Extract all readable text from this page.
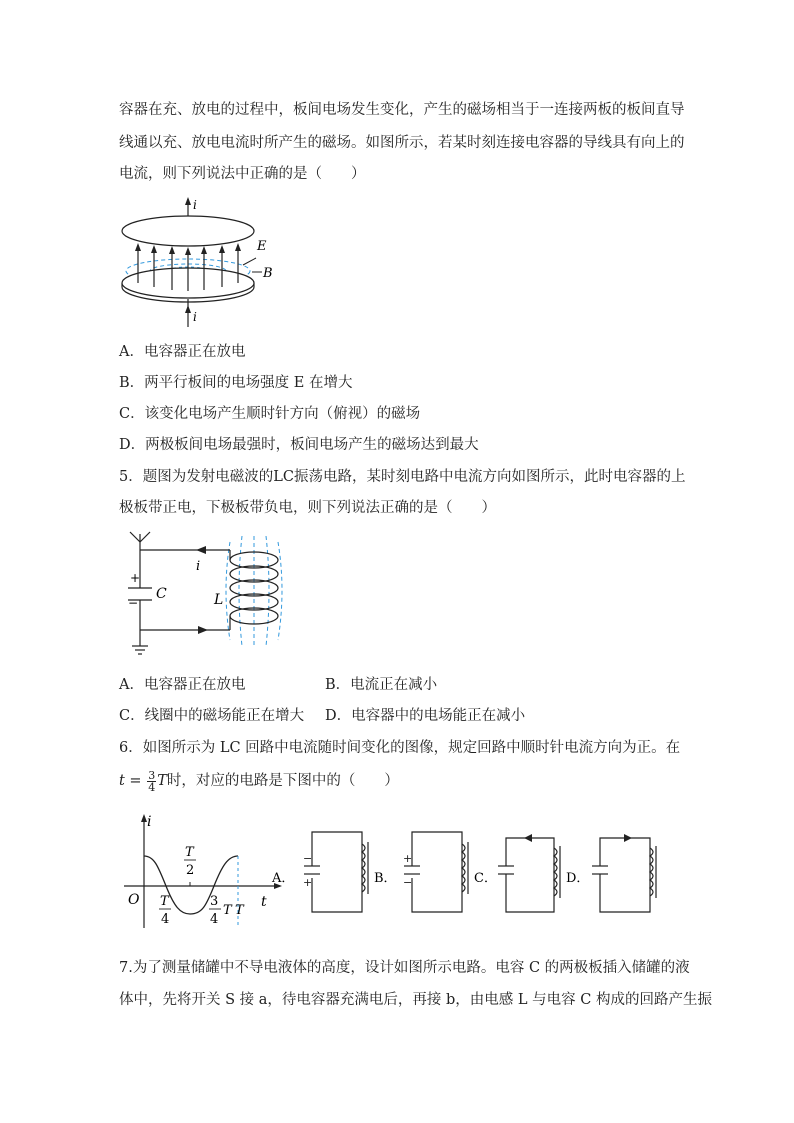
容器在充、放电的过程中，板间电场发生变化，产生的磁场相当于一连接两板的板间直导
线通以充、放电电流时所产生的磁场。如图所示，若某时刻连接电容器的导线具有向上的
电流，则下列说法中正确的是（　　）
i
E
B
i
A．电容器正在放电
B．两平行板间的电场强度 E 在增大
C．该变化电场产生顺时针方向（俯视）的磁场
D．两极板间电场最强时，板间电场产生的磁场达到最大
5．题图为发射电磁波的LC振荡电路，某时刻电路中电流方向如图所示，此时电容器的上
极板带正电，下极板带负电，则下列说法正确的是（　　）
i
+
−
C	L
A．电容器正在放电	B．电流正在减小
C．线圈中的磁场能正在增大 D．电容器中的电场能正在减小
6．如图所示为 LC 回路中电流随时间变化的图像，规定回路中顺时针电流方向为正。在
$t = \frac{3}{4}$ T时，对应的电路是下图中的（　　）
i
t
O
T
2
T
4
3
4
T T
A．	B．	C．	D．
−
+
+
−
7.为了测量储罐中不导电液体的高度，设计如图所示电路。电容 C 的两极板插入储罐的液
体中，先将开关 S 接 a，待电容器充满电后，再接 b，由电感 L 与电容 C 构成的回路产生振
